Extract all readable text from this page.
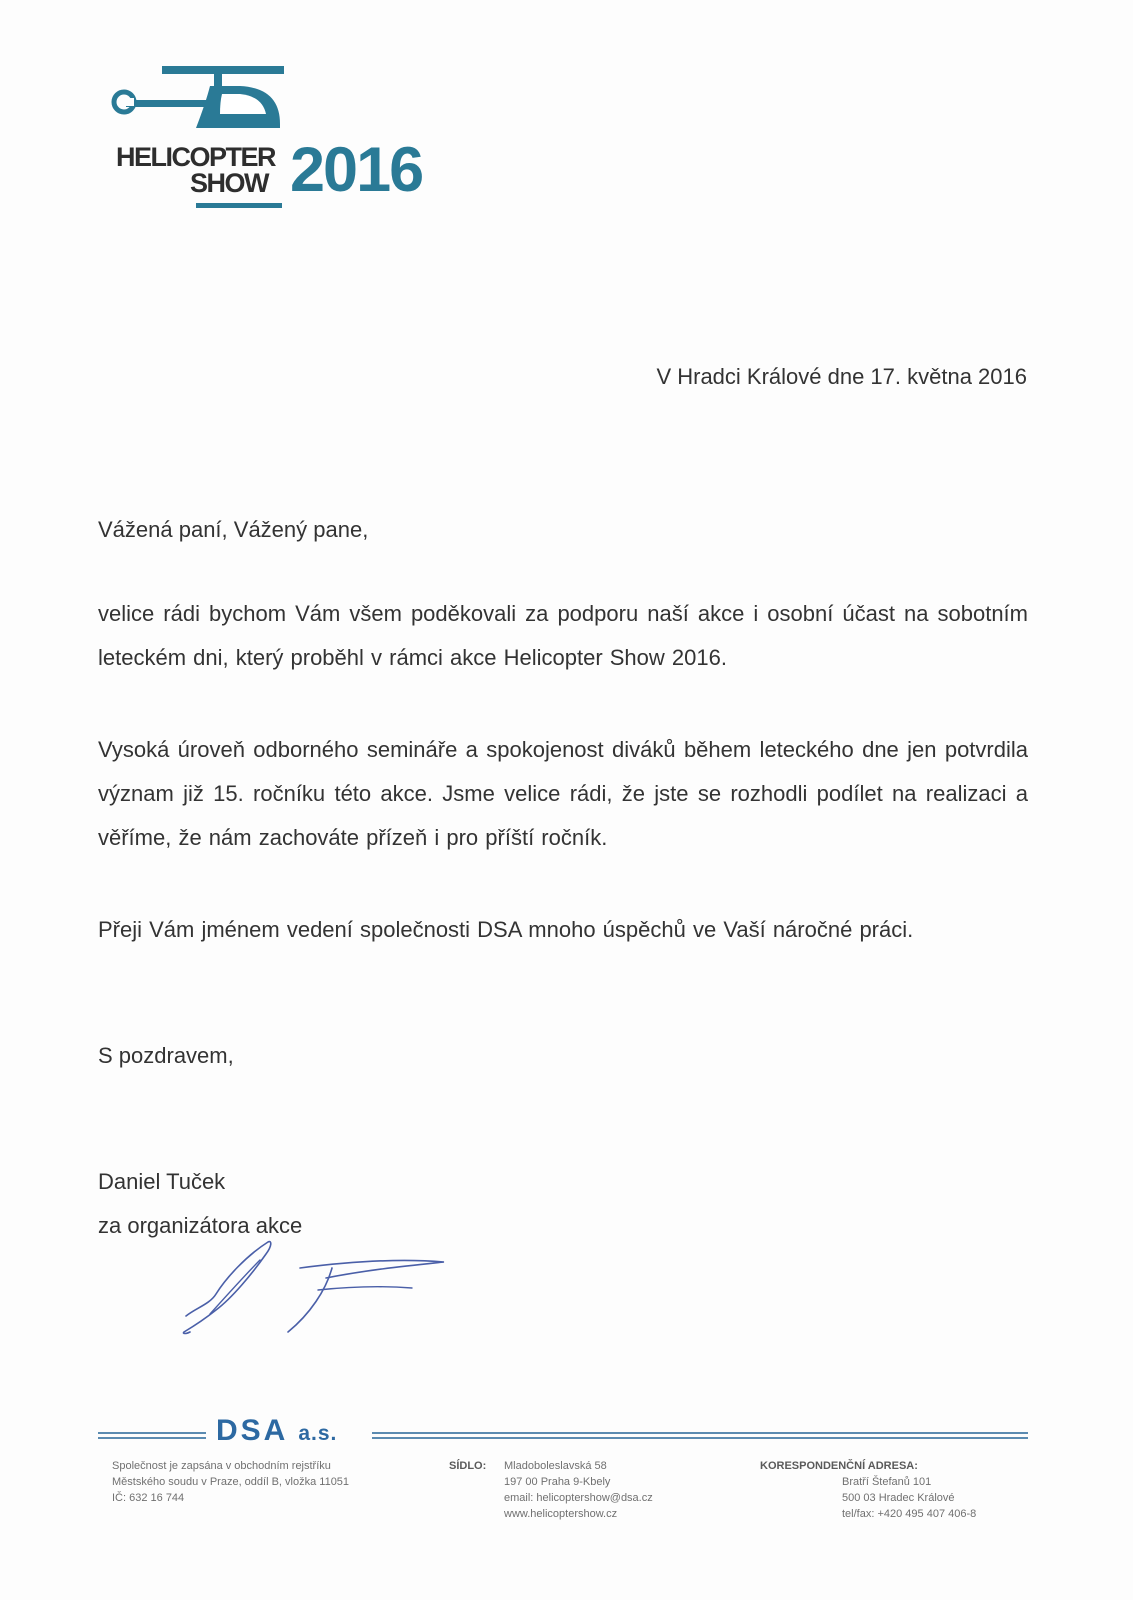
HELICOPTER
SHOW 2016
V Hradci Králové dne 17. května 2016
Vážená paní, Vážený pane,
velice rádi bychom Vám všem poděkovali za podporu naší akce i osobní účast na sobotním leteckém dni, který proběhl v rámci akce Helicopter Show 2016.
Vysoká úroveň odborného semináře a spokojenost diváků během leteckého dne jen potvrdila význam již 15. ročníku této akce. Jsme velice rádi, že jste se rozhodli podílet na realizaci a věříme, že nám zachováte přízeň i pro příští ročník.
Přeji Vám jménem vedení společnosti DSA mnoho úspěchů ve Vaší náročné práci.
S pozdravem,
Daniel Tuček
za organizátora akce
DSA a.s.
Společnost je zapsána v obchodním rejstříku
Městského soudu v Praze, oddíl B, vložka 11051
IČ: 632 16 744
SÍDLO: Mladoboleslavská 58
197 00 Praha 9-Kbely
email: helicoptershow@dsa.cz
www.helicoptershow.cz
KORESPONDENČNÍ ADRESA:
Bratří Štefanů 101
500 03 Hradec Králové
tel/fax: +420 495 407 406-8
